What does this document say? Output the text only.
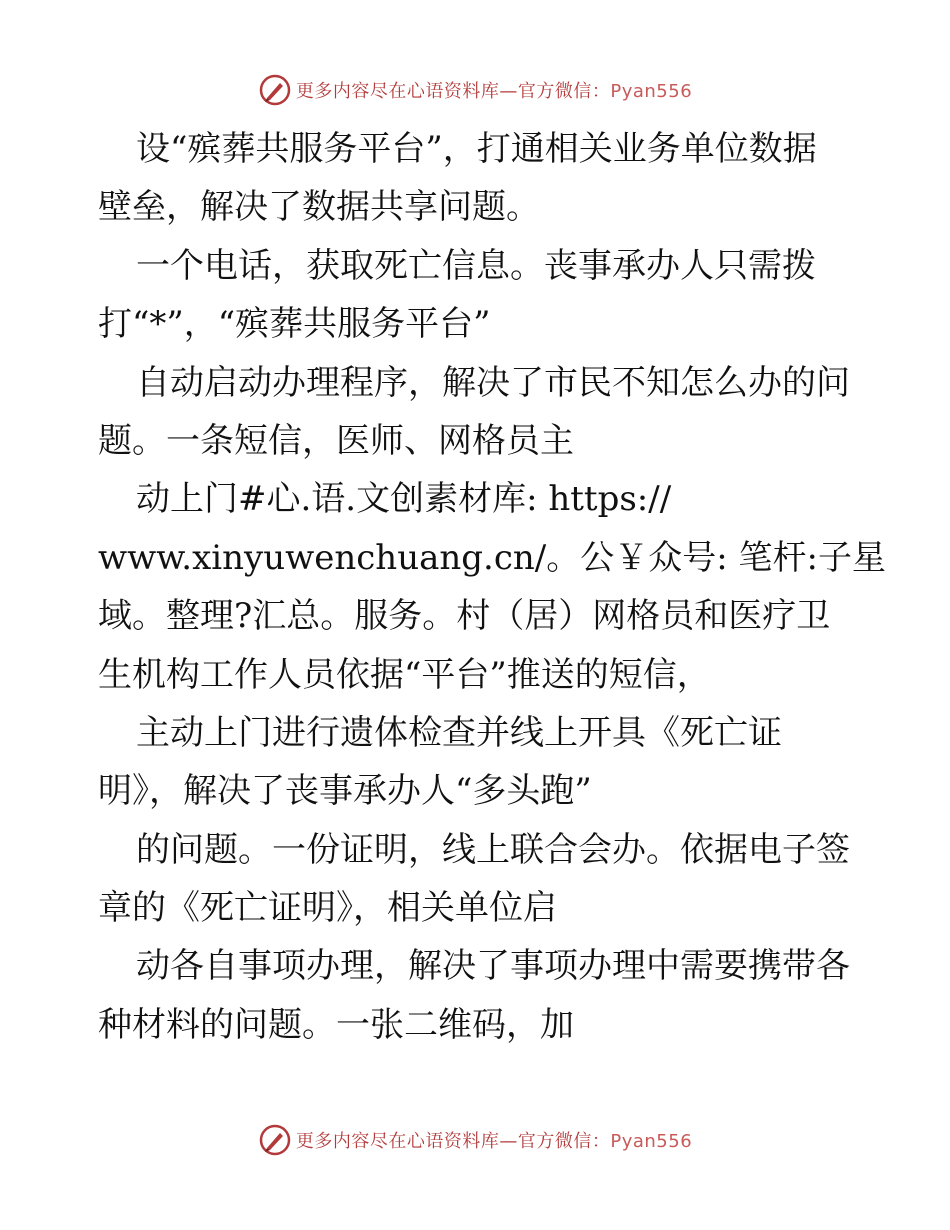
更多内容尽在心语资料库—官方微信：Pyan556
设“殡葬共服务平台”，打通相关业务单位数据
壁垒，解决了数据共享问题。
一个电话，获取死亡信息。丧事承办人只需拨
打“*”，“殡葬共服务平台”
自动启动办理程序，解决了市民不知怎么办的问
题。一条短信，医师、网格员主
动上门#心.语.文创素材库: https://
www.xinyuwenchuang.cn/。公￥众号: 笔杆:子星
域。整理?汇总。服务。村（居）网格员和医疗卫
生机构工作人员依据“平台”推送的短信，
主动上门进行遗体检查并线上开具《死亡证
明》，解决了丧事承办人“多头跑”
的问题。一份证明，线上联合会办。依据电子签
章的《死亡证明》，相关单位启
动各自事项办理，解决了事项办理中需要携带各
种材料的问题。一张二维码，加
更多内容尽在心语资料库—官方微信：Pyan556
